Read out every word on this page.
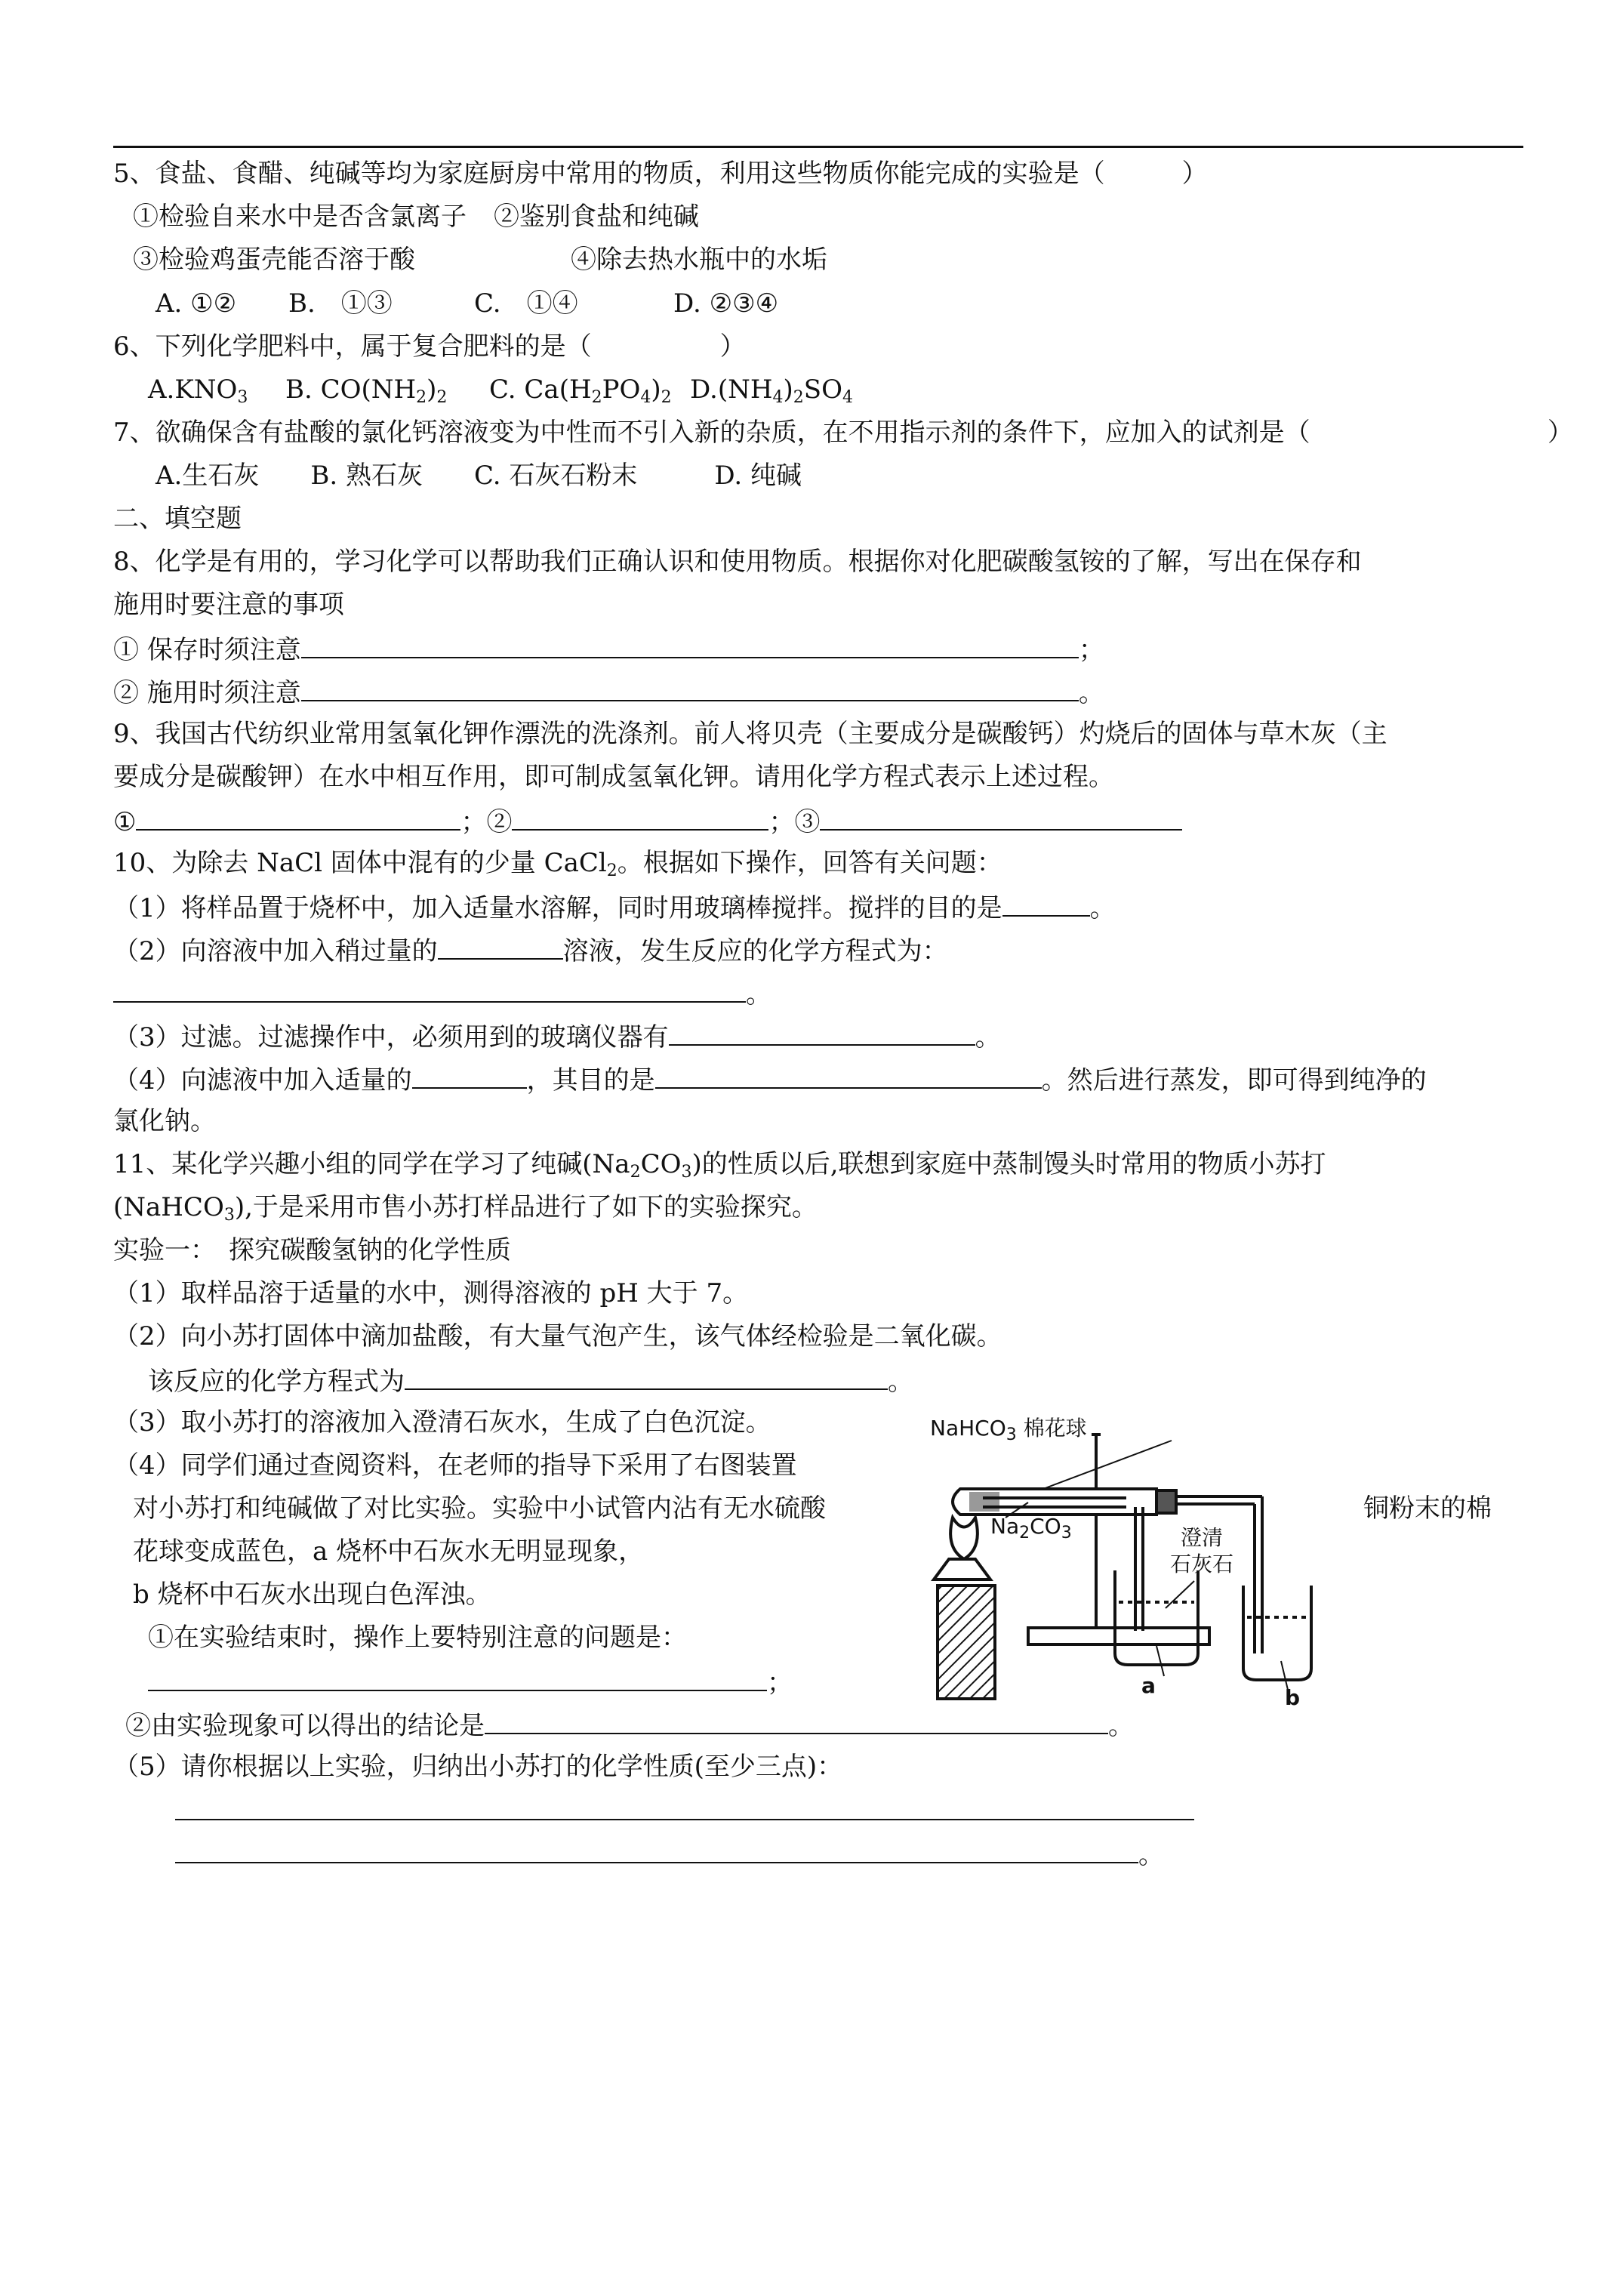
5、食盐、食醋、纯碱等均为家庭厨房中常用的物质，利用这些物质你能完成的实验是（　　　）
①检验自来水中是否含氯离子 ②鉴别食盐和纯碱
③检验鸡蛋壳能否溶于酸	④除去热水瓶中的水垢
A. ①② B.　①③	C.　①④	D. ②③④
6、下列化学肥料中，属于复合肥料的是（　　　　　）
$A.KNO_3$ B. $CO(NH_2)_2$ C. $Ca(H_2PO_4)_2$ $D.(NH_4)_2SO_4$
7、欲确保含有盐酸的氯化钙溶液变为中性而不引入新的杂质，在不用指示剂的条件下，应加入的试剂是（	）
A.生石灰　　B. 熟石灰　　C. 石灰石粉末　　　D. 纯碱
二、填空题
8、化学是有用的，学习化学可以帮助我们正确认识和使用物质。根据你对化肥碳酸氢铵的了解，写出在保存和
施用时要注意的事项
① 保存时须注意	；
② 施用时须注意	。
9、我国古代纺织业常用氢氧化钾作漂洗的洗涤剂。前人将贝壳（主要成分是碳酸钙）灼烧后的固体与草木灰（主
要成分是碳酸钾）在水中相互作用，即可制成氢氧化钾。请用化学方程式表示上述过程。
①	；②	；③
10、为除去 NaCl 固体中混有的少量 CaCl$_2$。根据如下操作，回答有关问题：
（1）将样品置于烧杯中，加入适量水溶解，同时用玻璃棒搅拌。搅拌的目的是	。
（2）向溶液中加入稍过量的	溶液，发生反应的化学方程式为：
。
（3）过滤。过滤操作中，必须用到的玻璃仪器有	。
（4）向滤液中加入适量的	，其目的是	。然后进行蒸发，即可得到纯净的
氯化钠。
11、某化学兴趣小组的同学在学习了纯碱$(Na_2CO_3)$的性质以后,联想到家庭中蒸制馒头时常用的物质小苏打
(NaHCO$_3$),于是采用市售小苏打样品进行了如下的实验探究。
实验一：　探究碳酸氢钠的化学性质
（1）取样品溶于适量的水中，测得溶液的 pH 大于 7。
（2）向小苏打固体中滴加盐酸，有大量气泡产生，该气体经检验是二氧化碳。
该反应的化学方程式为	。
（3）取小苏打的溶液加入澄清石灰水，生成了白色沉淀。
（4）同学们通过查阅资料，在老师的指导下采用了右图装置
对小苏打和纯碱做了对比实验。实验中小试管内沾有无水硫酸	铜粉末的棉
花球变成蓝色，a 烧杯中石灰水无明显现象，
b 烧杯中石灰水出现白色浑浊。
①在实验结束时，操作上要特别注意的问题是：
；
②由实验现象可以得出的结论是	。
（5）请你根据以上实验，归纳出小苏打的化学性质(至少三点)：
。
NaHCO$_3$ 棉花球
$Na_2CO_3$	澄清
石灰石
a	b
